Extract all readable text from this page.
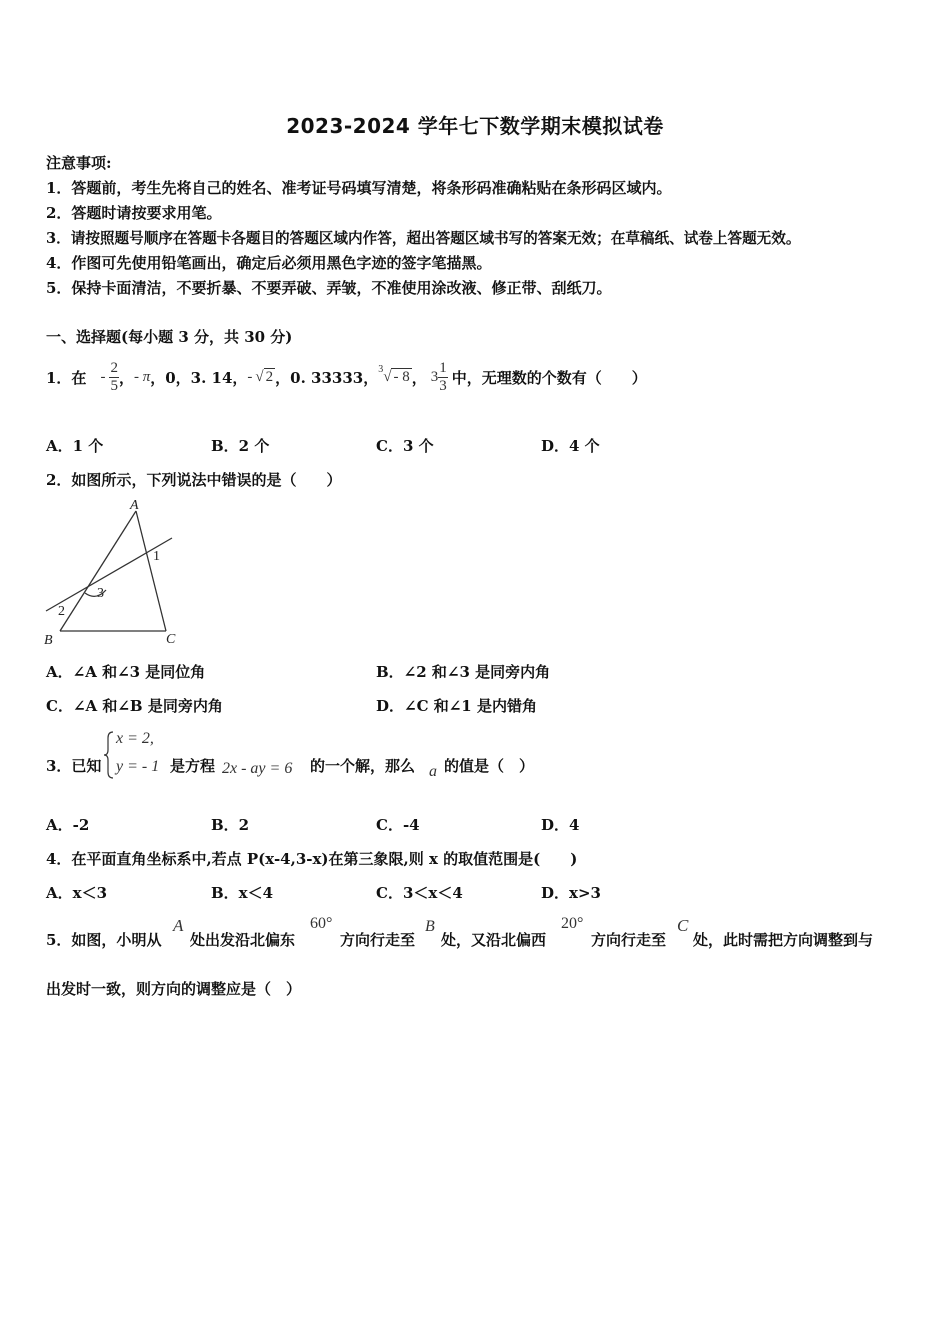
2023-2024 学年七下数学期末模拟试卷
注意事项:
1．答题前，考生先将自己的姓名、准考证号码填写清楚，将条形码准确粘贴在条形码区域内。
2．答题时请按要求用笔。
3．请按照题号顺序在答题卡各题目的答题区域内作答，超出答题区域书写的答案无效；在草稿纸、试卷上答题无效。
4．作图可先使用铅笔画出，确定后必须用黑色字迹的签字笔描黑。
5．保持卡面清洁，不要折暴、不要弄破、弄皱，不准使用涂改液、修正带、刮纸刀。
一、选择题(每小题 3 分，共 30 分)
1．在 - $\frac{2}{5}$ ， - π ，0，3. 14， - √ 2 ，0. 33333， 3 √ - 8 ， $3 \frac{1}{3}$ 中，无理数的个数有（　　）
A．1 个	B．2 个	C．3 个	D．4 个
2．如图所示，下列说法中错误的是（　　）
A
B	C
1
2
3
A．∠A 和∠3 是同位角	B．∠2 和∠3 是同旁内角
C．∠A 和∠B 是同旁内角	D．∠C 和∠1 是内错角
3．已知
x = 2,
y = - 1 是方程 2x - ay = 6 的一个解，那么 a 的值是（　）
A．-2	B．2	C．-4	D．4
4．在平面直角坐标系中,若点 P(x-4,3-x)在第三象限,则 x 的取值范围是(　　)
A．x＜3	B．x＜4	C．3＜x＜4	D．x>3
5．如图，小明从
A
处出发沿北偏东
60°
方向行走至
B
处，又沿北偏西
20°
方向行走至
C
处，此时需把方向调整到与
出发时一致，则方向的调整应是（　）
